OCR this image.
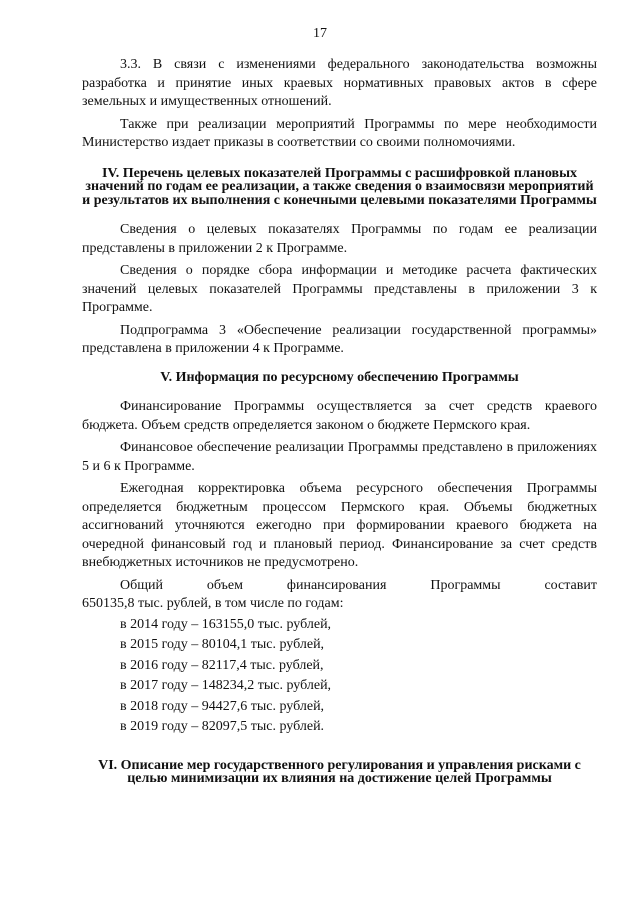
17

3.3. В связи с изменениями федерального законодательства возможны разработка и принятие иных краевых нормативных правовых актов в сфере земельных и имущественных отношений.

Также при реализации мероприятий Программы по мере необходимости Министерство издает приказы в соответствии со своими полномочиями.

IV. Перечень целевых показателей Программы с расшифровкой плановых значений по годам ее реализации, а также сведения о взаимосвязи мероприятий и результатов их выполнения с конечными целевыми показателями Программы

Сведения о целевых показателях Программы по годам ее реализации представлены в приложении 2 к Программе.

Сведения о порядке сбора информации и методике расчета фактических значений целевых показателей Программы представлены в приложении 3 к Программе.

Подпрограмма 3 «Обеспечение реализации государственной программы» представлена в приложении 4 к Программе.

V. Информация по ресурсному обеспечению Программы

Финансирование Программы осуществляется за счет средств краевого бюджета. Объем средств определяется законом о бюджете Пермского края.

Финансовое обеспечение реализации Программы представлено в приложениях 5 и 6 к Программе.

Ежегодная корректировка объема ресурсного обеспечения Программы определяется бюджетным процессом Пермского края. Объемы бюджетных ассигнований уточняются ежегодно при формировании краевого бюджета на очередной финансовый год и плановый период. Финансирование за счет средств внебюджетных источников не предусмотрено.

Общий	объем	финансирования	Программы	составит
650135,8 тыс. рублей, в том числе по годам:
в 2014 году – 163155,0 тыс. рублей,
в 2015 году – 80104,1 тыс. рублей,
в 2016 году – 82117,4 тыс. рублей,
в 2017 году – 148234,2 тыс. рублей,
в 2018 году – 94427,6 тыс. рублей,
в 2019 году – 82097,5 тыс. рублей.
VI. Описание мер государственного регулирования и управления рисками с целью минимизации их влияния на достижение целей Программы
